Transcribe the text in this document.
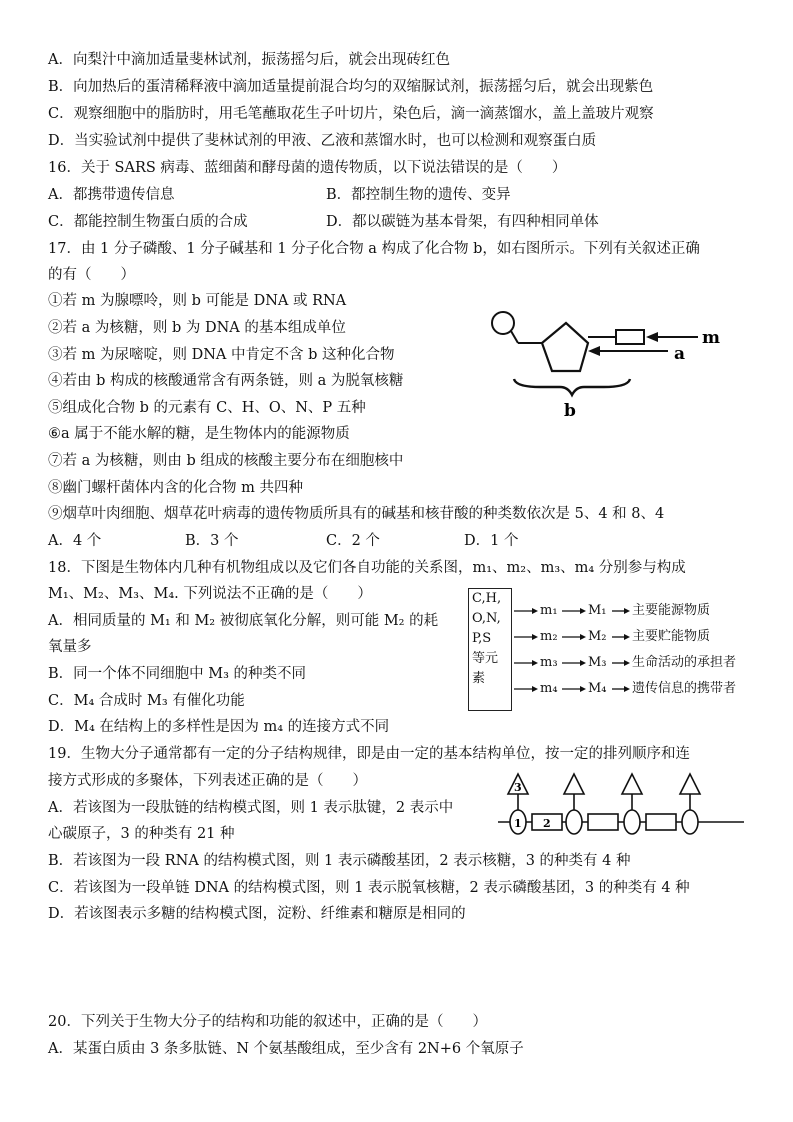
A．向梨汁中滴加适量斐林试剂，振荡摇匀后，就会出现砖红色
B．向加热后的蛋清稀释液中滴加适量提前混合均匀的双缩脲试剂，振荡摇匀后，就会出现紫色
C．观察细胞中的脂肪时，用毛笔蘸取花生子叶切片，染色后，滴一滴蒸馏水，盖上盖玻片观察
D．当实验试剂中提供了斐林试剂的甲液、乙液和蒸馏水时，也可以检测和观察蛋白质
16．关于 SARS 病毒、蓝细菌和酵母菌的遗传物质，以下说法错误的是（　　）
A．都携带遗传信息	B．都控制生物的遗传、变异
C．都能控制生物蛋白质的合成	D．都以碳链为基本骨架，有四种相同单体
17．由 1 分子磷酸、1 分子碱基和 1 分子化合物 a 构成了化合物 b，如右图所示。下列有关叙述正确
的有（　　）
①若 m 为腺嘌呤，则 b 可能是 DNA 或 RNA
②若 a 为核糖，则 b 为 DNA 的基本组成单位
③若 m 为尿嘧啶，则 DNA 中肯定不含 b 这种化合物
④若由 b 构成的核酸通常含有两条链，则 a 为脱氧核糖
⑤组成化合物 b 的元素有 C、H、O、N、P 五种
⑥a 属于不能水解的糖，是生物体内的能源物质
⑦若 a 为核糖，则由 b 组成的核酸主要分布在细胞核中
⑧幽门螺杆菌体内含的化合物 m 共四种
⑨烟草叶肉细胞、烟草花叶病毒的遗传物质所具有的碱基和核苷酸的种类数依次是 5、4 和 8、4
A．4 个	B．3 个	C．2 个	D．1 个
m
a
b
18．下图是生物体内几种有机物组成以及它们各自功能的关系图，m₁、m₂、m₃、m₄ 分别参与构成
M₁、M₂、M₃、M₄. 下列说法不正确的是（　　）
A．相同质量的 M₁ 和 M₂ 被彻底氧化分解，则可能 M₂ 的耗
氧量多
B．同一个体不同细胞中 M₃ 的种类不同
C．M₄ 合成时 M₃ 有催化功能
D．M₄ 在结构上的多样性是因为 m₄ 的连接方式不同
C,H,
O,N,
P,S
等元
素
m₁ M₁ 主要能源物质
m₂ M₂ 主要贮能物质
m₃ M₃ 生命活动的承担者
m₄ M₄ 遗传信息的携带者
19．生物大分子通常都有一定的分子结构规律，即是由一定的基本结构单位，按一定的排列顺序和连
接方式形成的多聚体，下列表述正确的是（　　）
A．若该图为一段肽链的结构模式图，则 1 表示肽键，2 表示中
心碳原子，3 的种类有 21 种
B．若该图为一段 RNA 的结构模式图，则 1 表示磷酸基团，2 表示核糖，3 的种类有 4 种
C．若该图为一段单链 DNA 的结构模式图，则 1 表示脱氧核糖，2 表示磷酸基团，3 的种类有 4 种
D．若该图表示多糖的结构模式图，淀粉、纤维素和糖原是相同的
3
1 2
20．下列关于生物大分子的结构和功能的叙述中，正确的是（　　）
A．某蛋白质由 3 条多肽链、N 个氨基酸组成，至少含有 2N+6 个氧原子
